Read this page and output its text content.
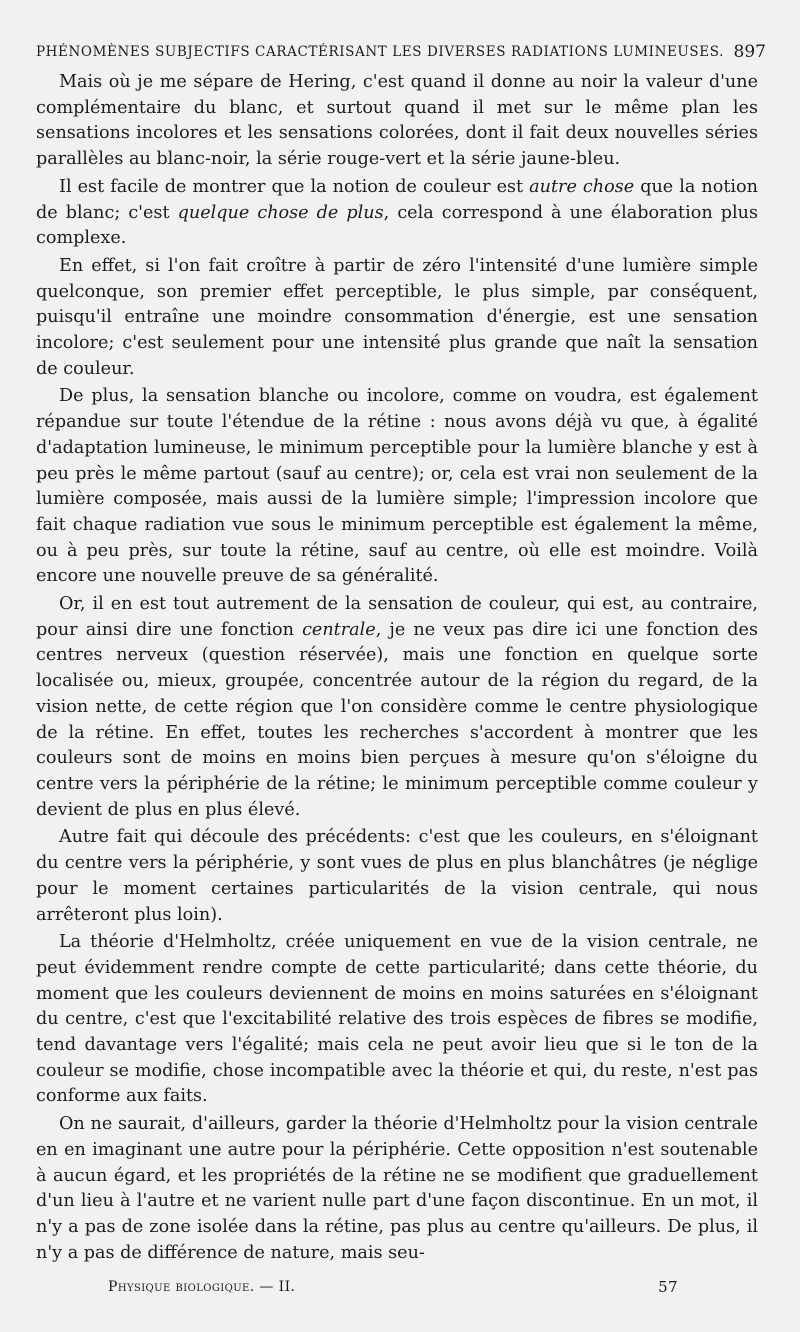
PHÉNOMÈNES SUBJECTIFS CARACTÉRISANT LES DIVERSES RADIATIONS LUMINEUSES. 897

Mais où je me sépare de Hering, c'est quand il donne au noir la valeur d'une complémentaire du blanc, et surtout quand il met sur le même plan les sensations incolores et les sensations colorées, dont il fait deux nouvelles séries parallèles au blanc-noir, la série rouge-vert et la série jaune-bleu.

Il est facile de montrer que la notion de couleur est autre chose que la notion de blanc; c'est quelque chose de plus, cela correspond à une élaboration plus complexe.

En effet, si l'on fait croître à partir de zéro l'intensité d'une lumière simple quelconque, son premier effet perceptible, le plus simple, par conséquent, puisqu'il entraîne une moindre consommation d'énergie, est une sensation incolore; c'est seulement pour une intensité plus grande que naît la sensation de couleur.

De plus, la sensation blanche ou incolore, comme on voudra, est également répandue sur toute l'étendue de la rétine : nous avons déjà vu que, à égalité d'adaptation lumineuse, le minimum perceptible pour la lumière blanche y est à peu près le même partout (sauf au centre); or, cela est vrai non seulement de la lumière composée, mais aussi de la lumière simple; l'impression incolore que fait chaque radiation vue sous le minimum perceptible est également la même, ou à peu près, sur toute la rétine, sauf au centre, où elle est moindre. Voilà encore une nouvelle preuve de sa généralité.

Or, il en est tout autrement de la sensation de couleur, qui est, au contraire, pour ainsi dire une fonction centrale, je ne veux pas dire ici une fonction des centres nerveux (question réservée), mais une fonction en quelque sorte localisée ou, mieux, groupée, concentrée autour de la région du regard, de la vision nette, de cette région que l'on considère comme le centre physiologique de la rétine. En effet, toutes les recherches s'accordent à montrer que les couleurs sont de moins en moins bien perçues à mesure qu'on s'éloigne du centre vers la périphérie de la rétine; le minimum perceptible comme couleur y devient de plus en plus élevé.

Autre fait qui découle des précédents: c'est que les couleurs, en s'éloignant du centre vers la périphérie, y sont vues de plus en plus blanchâtres (je néglige pour le moment certaines particularités de la vision centrale, qui nous arrêteront plus loin).

La théorie d'Helmholtz, créée uniquement en vue de la vision centrale, ne peut évidemment rendre compte de cette particularité; dans cette théorie, du moment que les couleurs deviennent de moins en moins saturées en s'éloignant du centre, c'est que l'excitabilité relative des trois espèces de fibres se modifie, tend davantage vers l'égalité; mais cela ne peut avoir lieu que si le ton de la couleur se modifie, chose incompatible avec la théorie et qui, du reste, n'est pas conforme aux faits.

On ne saurait, d'ailleurs, garder la théorie d'Helmholtz pour la vision centrale en en imaginant une autre pour la périphérie. Cette opposition n'est soutenable à aucun égard, et les propriétés de la rétine ne se modifient que graduellement d'un lieu à l'autre et ne varient nulle part d'une façon discontinue. En un mot, il n'y a pas de zone isolée dans la rétine, pas plus au centre qu'ailleurs. De plus, il n'y a pas de différence de nature, mais seu-

Physique biologique. — II.	57
